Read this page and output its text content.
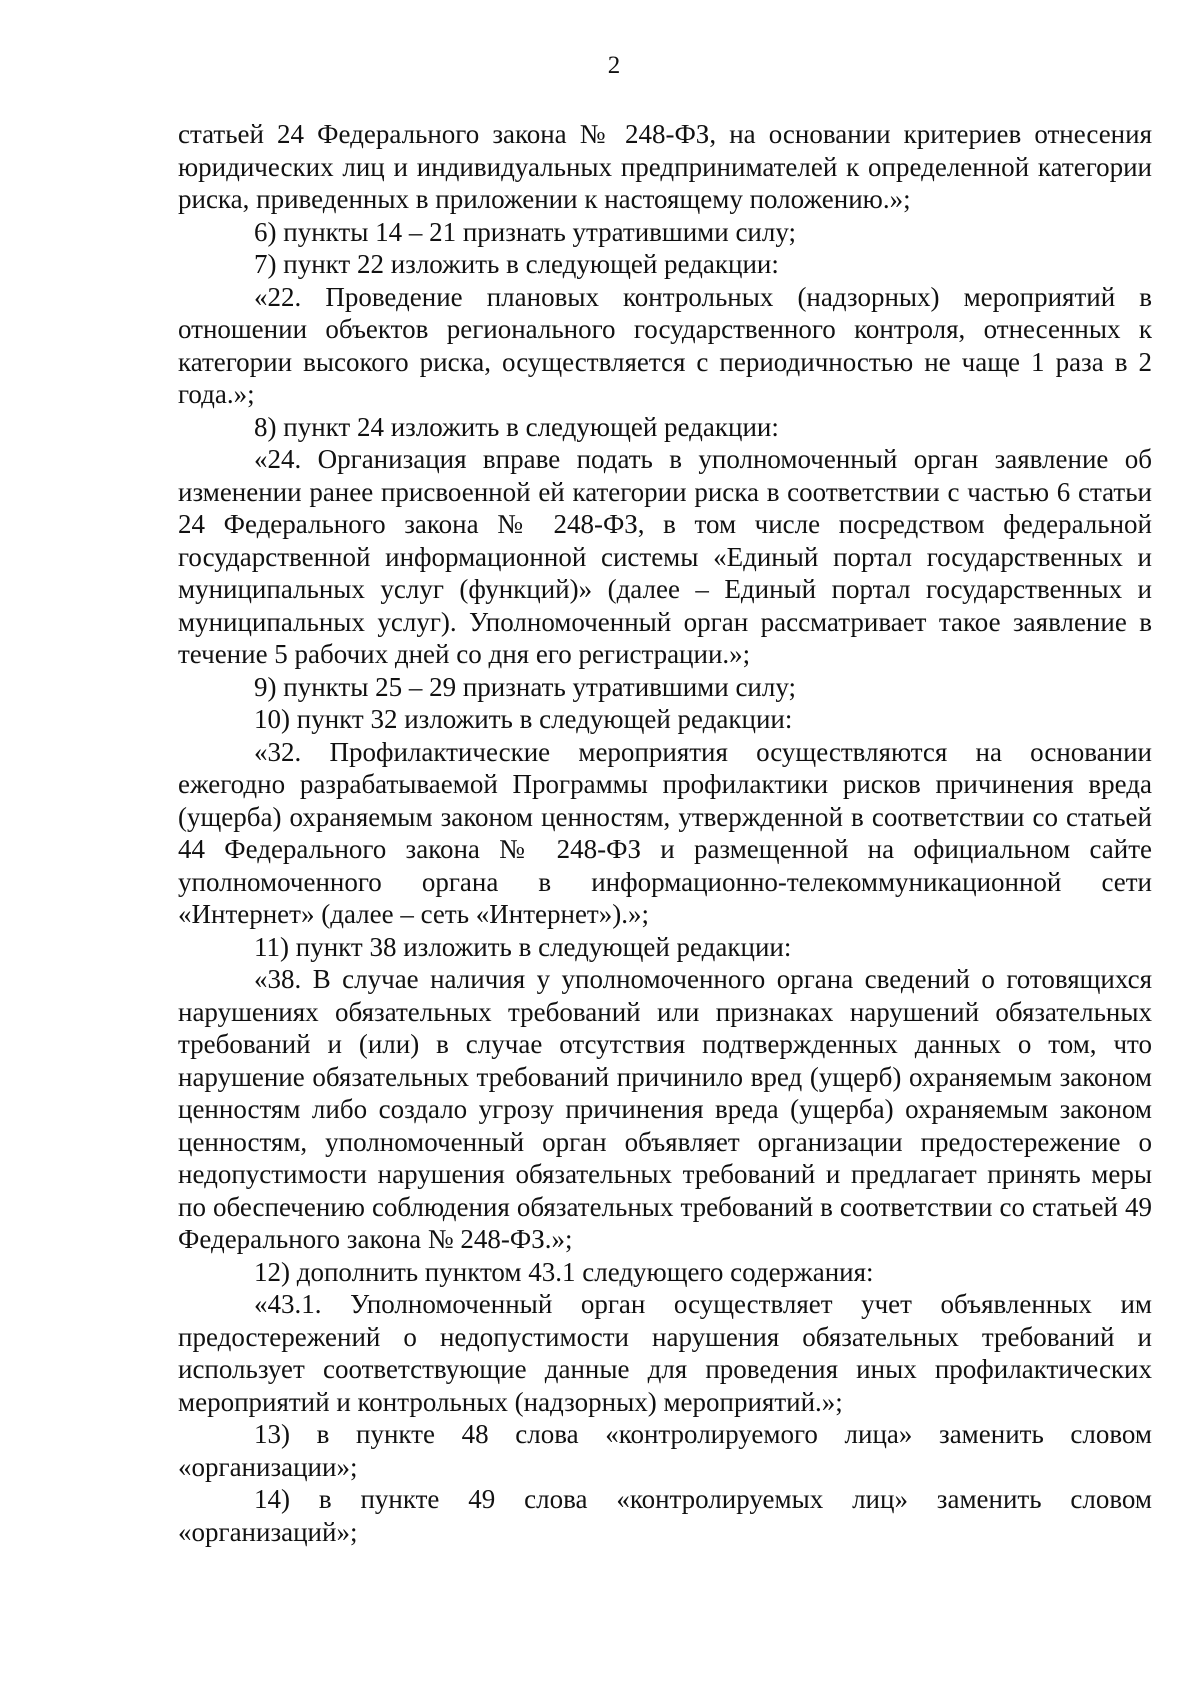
2

статьей 24 Федерального закона № 248-ФЗ, на основании критериев отнесения юридических лиц и индивидуальных предпринимателей к определенной категории риска, приведенных в приложении к настоящему положению.»;

6) пункты 14 – 21 признать утратившими силу;

7) пункт 22 изложить в следующей редакции:

«22. Проведение плановых контрольных (надзорных) мероприятий в отношении объектов регионального государственного контроля, отнесенных к категории высокого риска, осуществляется с периодичностью не чаще 1 раза в 2 года.»;

8) пункт 24 изложить в следующей редакции:

«24. Организация вправе подать в уполномоченный орган заявление об изменении ранее присвоенной ей категории риска в соответствии с частью 6 статьи 24 Федерального закона № 248-ФЗ, в том числе посредством федеральной государственной информационной системы «Единый портал государственных и муниципальных услуг (функций)» (далее – Единый портал государственных и муниципальных услуг). Уполномоченный орган рассматривает такое заявление в течение 5 рабочих дней со дня его регистрации.»;

9) пункты 25 – 29 признать утратившими силу;

10) пункт 32 изложить в следующей редакции:

«32. Профилактические мероприятия осуществляются на основании ежегодно разрабатываемой Программы профилактики рисков причинения вреда (ущерба) охраняемым законом ценностям, утвержденной в соответствии со статьей 44 Федерального закона № 248-ФЗ и размещенной на официальном сайте уполномоченного органа в информационно-телекоммуникационной сети «Интернет» (далее – сеть «Интернет»).»;

11) пункт 38 изложить в следующей редакции:

«38. В случае наличия у уполномоченного органа сведений о готовящихся нарушениях обязательных требований или признаках нарушений обязательных требований и (или) в случае отсутствия подтвержденных данных о том, что нарушение обязательных требований причинило вред (ущерб) охраняемым законом ценностям либо создало угрозу причинения вреда (ущерба) охраняемым законом ценностям, уполномоченный орган объявляет организации предостережение о недопустимости нарушения обязательных требований и предлагает принять меры по обеспечению соблюдения обязательных требований в соответствии со статьей 49 Федерального закона № 248-ФЗ.»;

12) дополнить пунктом 43.1 следующего содержания:

«43.1. Уполномоченный орган осуществляет учет объявленных им предостережений о недопустимости нарушения обязательных требований и использует соответствующие данные для проведения иных профилактических мероприятий и контрольных (надзорных) мероприятий.»;

13) в пункте 48 слова «контролируемого лица» заменить словом «организации»;

14) в пункте 49 слова «контролируемых лиц» заменить словом «организаций»;
